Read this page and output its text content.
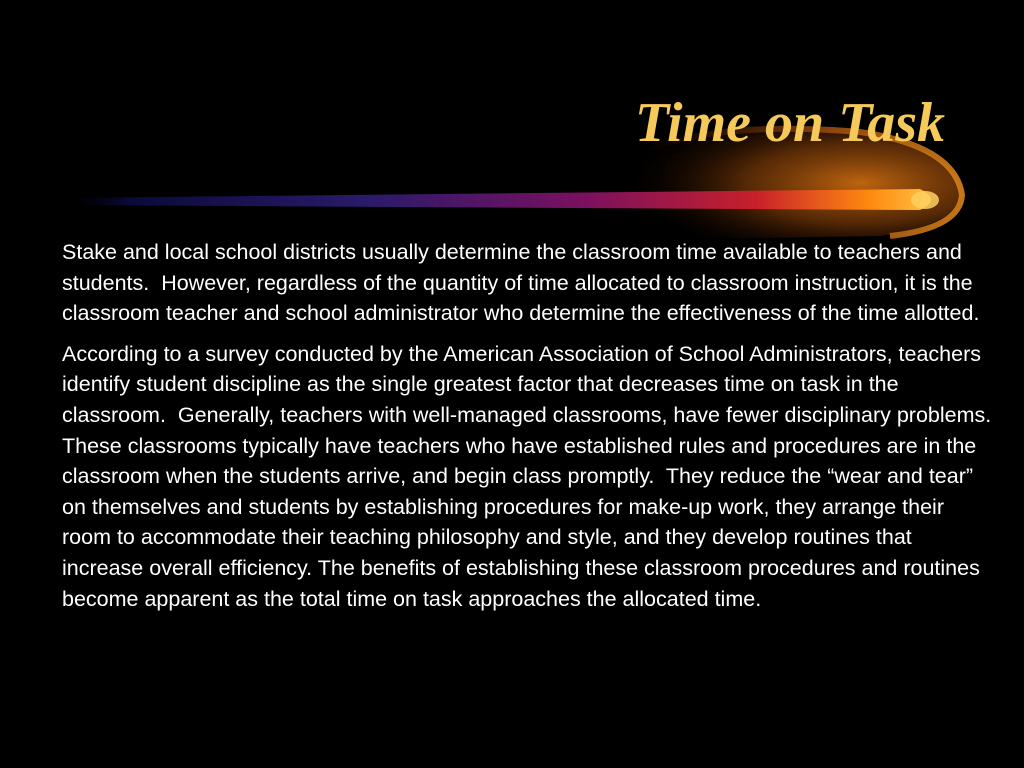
Time on Task

Stake and local school districts usually determine the classroom time available to teachers and students.  However, regardless of the quantity of time allocated to classroom instruction, it is the classroom teacher and school administrator who determine the effectiveness of the time allotted.

According to a survey conducted by the American Association of School Administrators, teachers identify student discipline as the single greatest factor that decreases time on task in the classroom.  Generally, teachers with well-managed classrooms, have fewer disciplinary problems.  These classrooms typically have teachers who have established rules and procedures are in the classroom when the students arrive, and begin class promptly.  They reduce the “wear and tear” on themselves and students by establishing procedures for make-up work, they arrange their room to accommodate their teaching philosophy and style, and they develop routines that increase overall efficiency. The benefits of establishing these classroom procedures and routines become apparent as the total time on task approaches the allocated time.
